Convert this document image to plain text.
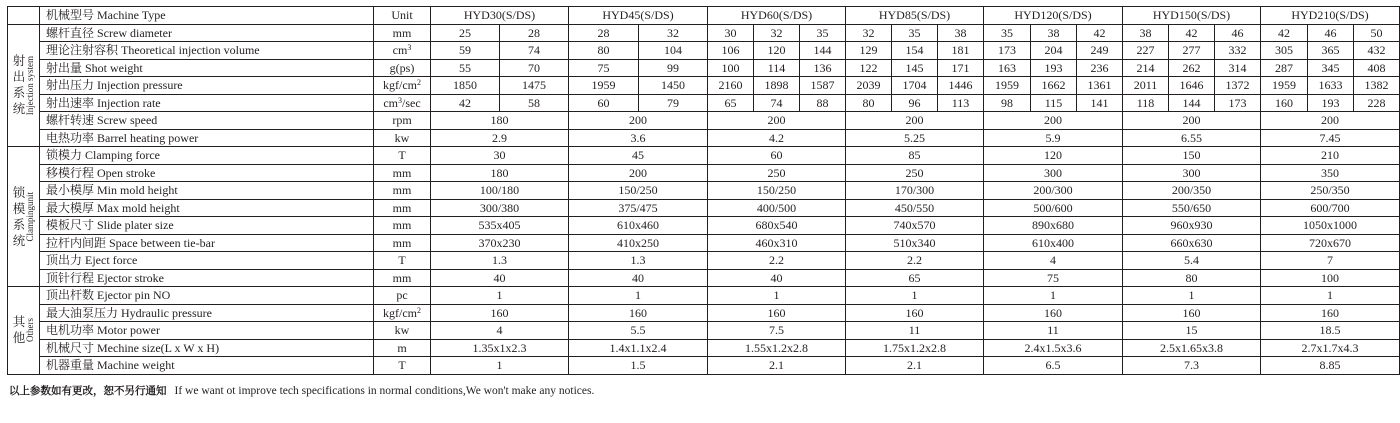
	机械型号 Machine Type	Unit	HYD30(S/DS)		HYD45(S/DS)		HYD60(S/DS)			HYD85(S/DS)			HYD120(S/DS)			HYD150(S/DS)			HYD210(S/DS)		

射出系统 Injection system	螺杆直径 Screw diameter	mm	25	28	28	32	30	32	35	32	35	38	35	38	42	38	42	46	42	46	50
	理论注射容积 Theoretical injection volume	$cm^3$	59	74	80	104	106	120	144	129	154	181	173	204	249	227	277	332	305	365	432
	射出量 Shot weight	g(ps)	55	70	75	99	100	114	136	122	145	171	163	193	236	214	262	314	287	345	408
	射出压力 Injection pressure	kgf/$cm^2$	1850	1475	1959	1450	2160	1898	1587	2039	1704	1446	1959	1662	1361	2011	1646	1372	1959	1633	1382
	射出速率 Injection rate	$cm^3/\sec$	42	58	60	79	65	74	88	80	96	113	98	115	141	118	144	173	160	193	228
	螺杆转速 Screw speed	rpm	180		200		200			200			200			200			200		
	电热功率 Barrel heating power	kw	2.9		3.6		4.2			5.25			5.9			6.55			7.45		

锁模系统 Clampingunit	锁模力 Clamping force	T	30		45		60			85			120			150			210		
	移模行程 Open stroke	mm	180		200		250			250			300			300			350		
	最小模厚 Min mold height	mm	100/180		150/250		150/250			170/300			200/300			200/350			250/350		
	最大模厚 Max mold height	mm	300/380		375/475		400/500			450/550			500/600			550/650			600/700		
	模板尺寸 Slide plater size	mm	535x405		610x460		680x540			740x570			890x680			960x930			1050x1000		
	拉杆内间距 Space between tie-bar	mm	370x230		410x250		460x310			510x340			610x400			660x630			720x670		
	顶出力 Eject force	T	1.3		1.3		2.2			2.2			4			5.4			7		
	顶针行程 Ejector stroke	mm	40		40		40			65			75			80			100		

其他 Others	顶出杆数 Ejector pin NO	pc	1		1		1			1			1			1			1		
	最大油泵压力 Hydraulic pressure	kgf/$cm^2$	160		160		160			160			160			160			160		
	电机功率 Motor power	kw	4		5.5		7.5			11			11			15			18.5		
	机械尺寸 Mechine size(L x W x H)	m	1.35x1x2.3		1.4x1.1x2.4		1.55x1.2x2.8			1.75x1.2x2.8			2.4x1.5x3.6			2.5x1.65x3.8			2.7x1.7x4.3		
	机器重量 Machine weight	T	1		1.5		2.1			2.1			6.5			7.3			8.85		
以上参数如有更改，恕不另行通知 If we want ot improve tech specifications in normal conditions,We won't make any notices.
